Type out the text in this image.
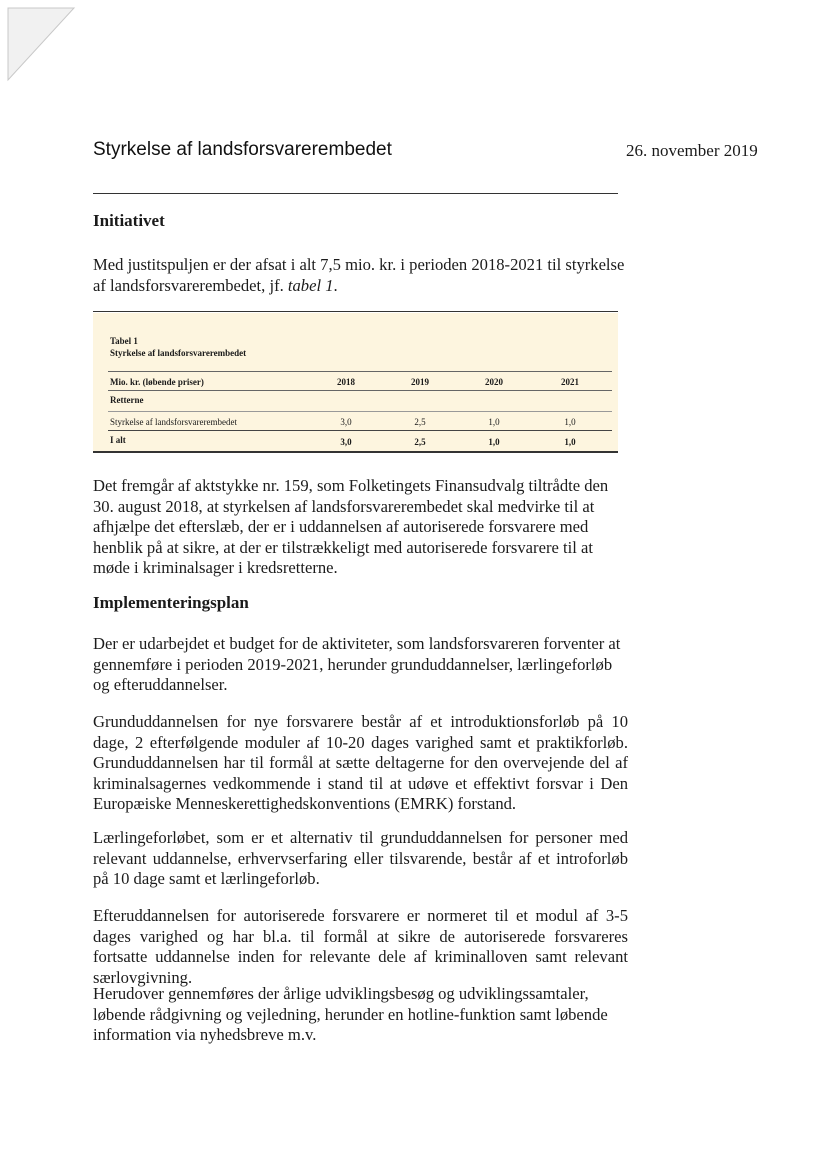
Styrkelse af landsforsvarerembedet	26. november 2019
Initiativet

Med justitspuljen er der afsat i alt 7,5 mio. kr. i perioden 2018-2021 til styrkelse af landsforsvarerembedet, jf. tabel 1.

Tabel 1
Styrkelse af landsforsvarerembedet
Mio. kr. (løbende priser)	2018	2019	2020	2021
Retterne
Styrkelse af landsforsvarerembedet	3,0	2,5	1,0	1,0
I alt	3,0	2,5	1,0	1,0

Det fremgår af aktstykke nr. 159, som Folketingets Finansudvalg tiltrådte den 30. august 2018, at styrkelsen af landsforsvarerembedet skal medvirke til at afhjælpe det efterslæb, der er i uddannelsen af autoriserede forsvarere med henblik på at sikre, at der er tilstrækkeligt med autoriserede forsvarere til at møde i kriminalsager i kredsretterne.

Implementeringsplan

Der er udarbejdet et budget for de aktiviteter, som landsforsvareren forventer at gennemføre i perioden 2019-2021, herunder grunduddannelser, lærlingeforløb og efteruddannelser.

Grunduddannelsen for nye forsvarere består af et introduktionsforløb på 10 dage, 2 efterfølgende moduler af 10-20 dages varighed samt et praktikforløb. Grunduddannelsen har til formål at sætte deltagerne for den overvejende del af kriminalsagernes vedkommende i stand til at udøve et effektivt forsvar i Den Europæiske Menneskerettighedskonventions (EMRK) forstand.

Lærlingeforløbet, som er et alternativ til grunduddannelsen for personer med relevant uddannelse, erhvervserfaring eller tilsvarende, består af et introforløb på 10 dage samt et lærlingeforløb.

Efteruddannelsen for autoriserede forsvarere er normeret til et modul af 3-5 dages varighed og har bl.a. til formål at sikre de autoriserede forsvareres fortsatte uddannelse inden for relevante dele af kriminalloven samt relevant særlovgivning.

Herudover gennemføres der årlige udviklingsbesøg og udviklingssamtaler, løbende rådgivning og vejledning, herunder en hotline-funktion samt løbende information via nyhedsbreve m.v.
